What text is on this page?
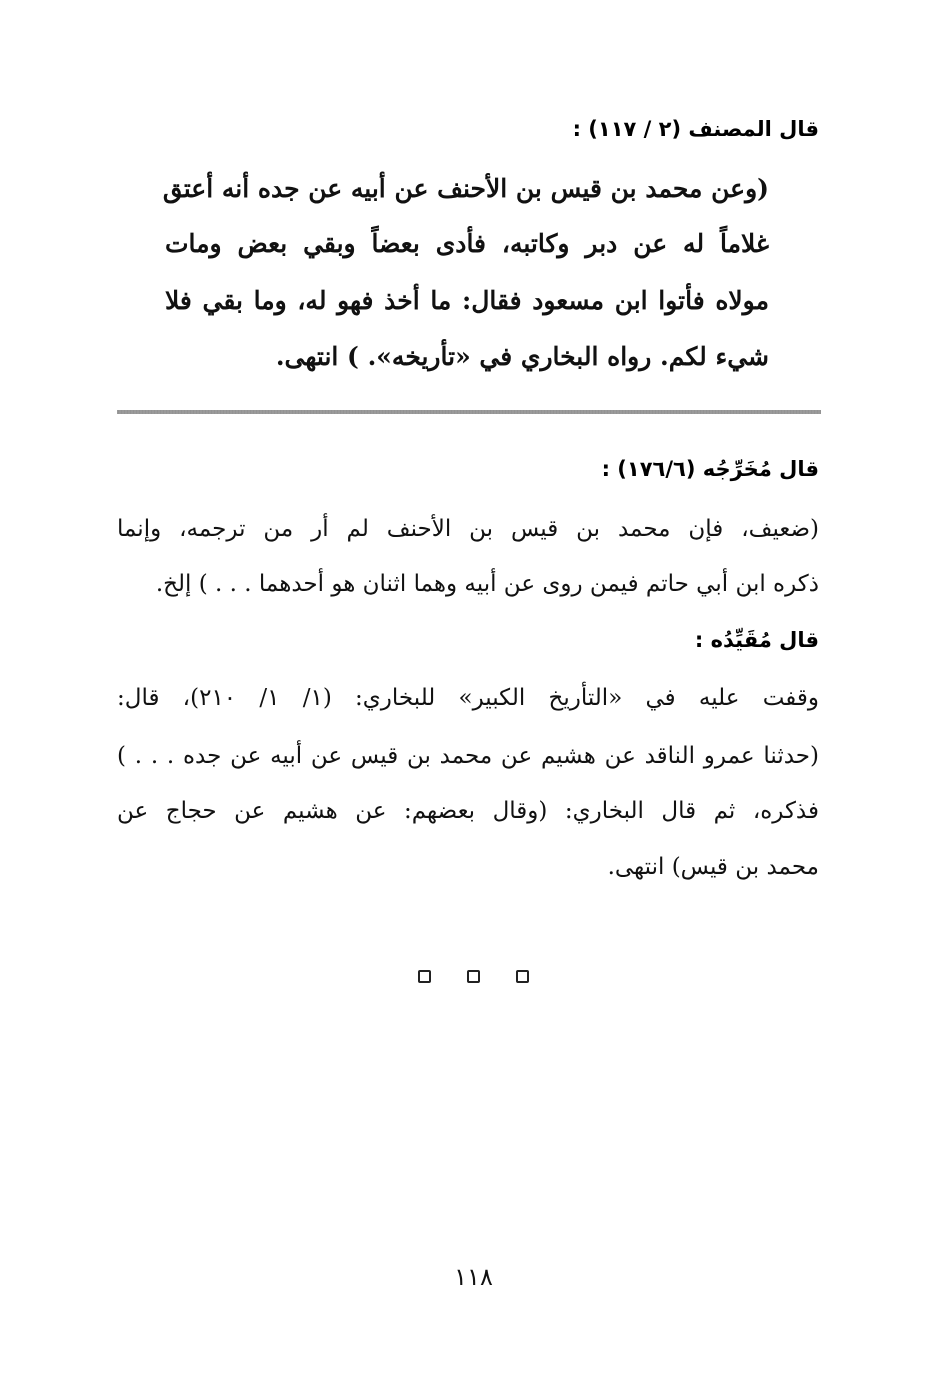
قال المصنف (٢ / ١١٧) :
(وعن محمد بن قيس بن الأحنف عن أبيه عن جده أنه أعتق
غلاماً له عن دبر وكاتبه، فأدى بعضاً وبقي بعض ومات
مولاه فأتوا ابن مسعود فقال: ما أخذ فهو له، وما بقي فلا
شيء لكم. رواه البخاري في «تأريخه». ) انتهى.
قال مُخَرِّجُه (١٧٦/٦) :
(ضعيف، فإن محمد بن قيس بن الأحنف لم أر من ترجمه، وإنما
ذكره ابن أبي حاتم فيمن روى عن أبيه وهما اثنان هو أحدهما . . . ) إلخ.
قال مُقَيِّدُه :
وقفت عليه في «التأريخ الكبير» للبخاري: (١/ ١/ ٢١٠)، قال:
(حدثنا عمرو الناقد عن هشيم عن محمد بن قيس عن أبيه عن جده . . . )
فذكره، ثم قال البخاري: (وقال بعضهم: عن هشيم عن حجاج عن
محمد بن قيس) انتهى.
١١٨
